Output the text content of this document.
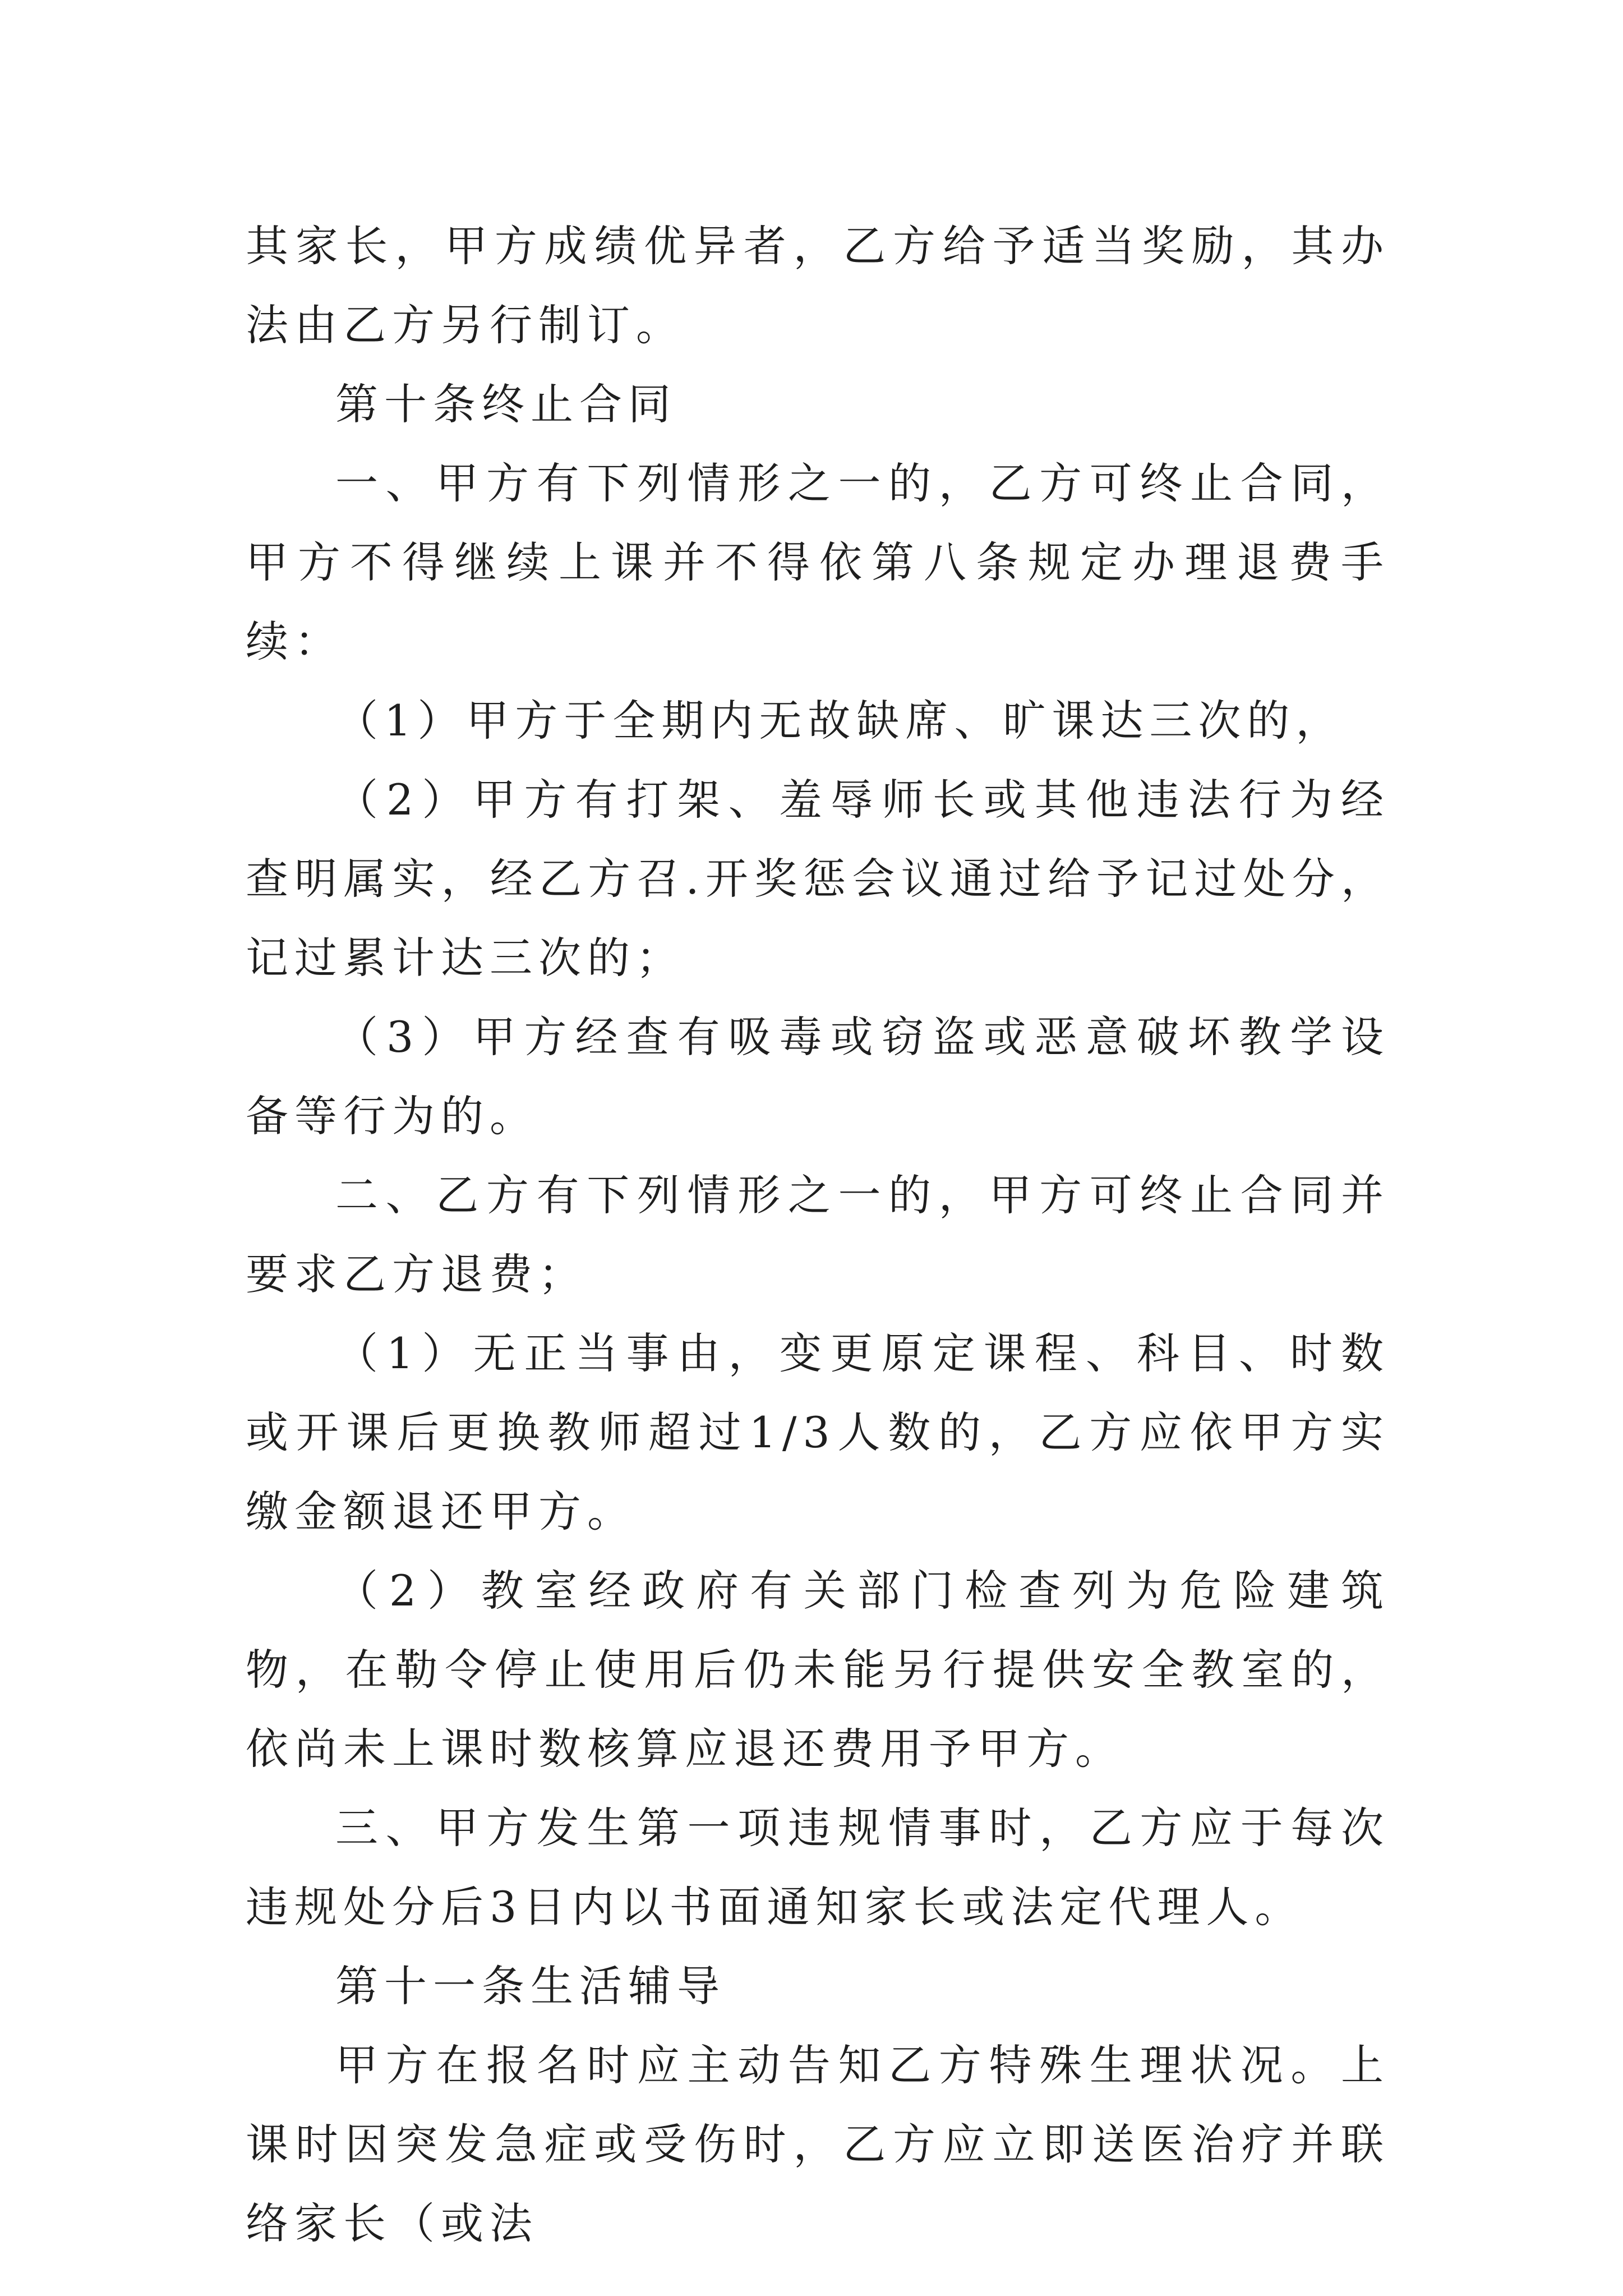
其家长，甲方成绩优异者，乙方给予适当奖励，其办法由乙方另行制订。

第十条终止合同

一、甲方有下列情形之一的，乙方可终止合同，甲方不得继续上课并不得依第八条规定办理退费手续：

（1）甲方于全期内无故缺席、旷课达三次的，

（2）甲方有打架、羞辱师长或其他违法行为经查明属实，经乙方召.开奖惩会议通过给予记过处分，记过累计达三次的；

（3）甲方经查有吸毒或窃盗或恶意破坏教学设备等行为的。

二、乙方有下列情形之一的，甲方可终止合同并要求乙方退费；

（1）无正当事由，变更原定课程、科目、时数或开课后更换教师超过1/3人数的，乙方应依甲方实缴金额退还甲方。

（2）教室经政府有关部门检查列为危险建筑物，在勒令停止使用后仍未能另行提供安全教室的，依尚未上课时数核算应退还费用予甲方。

三、甲方发生第一项违规情事时，乙方应于每次违规处分后3日内以书面通知家长或法定代理人。

第十一条生活辅导

甲方在报名时应主动告知乙方特殊生理状况。上课时因突发急症或受伤时，乙方应立即送医治疗并联络家长（或法
